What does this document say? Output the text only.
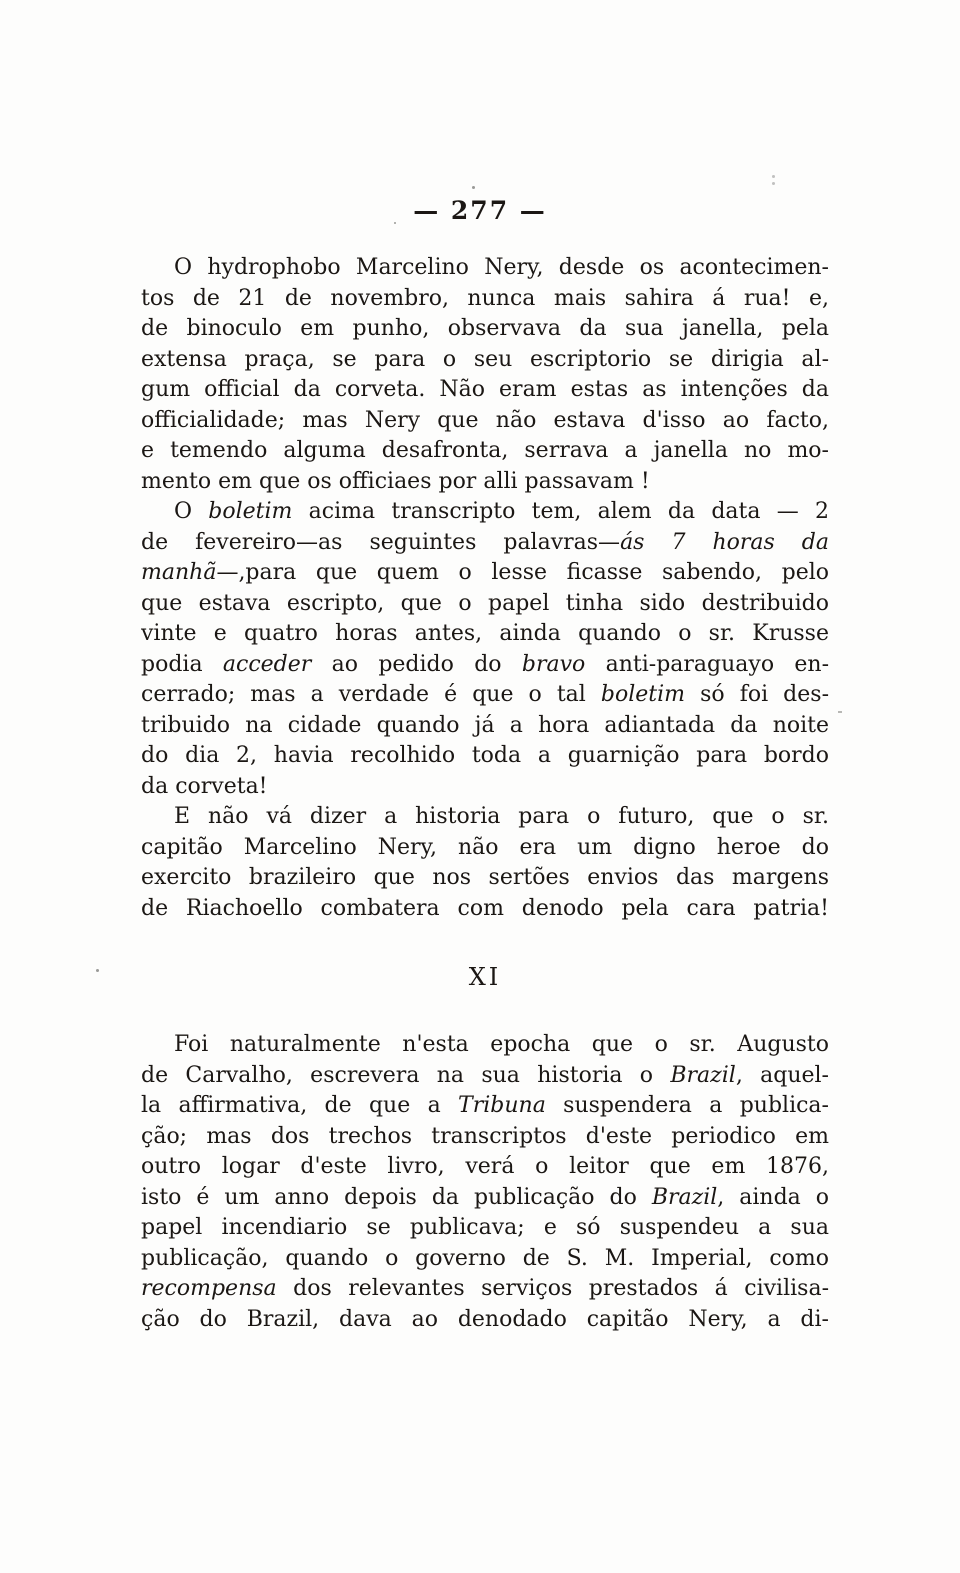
— 277 —
O hydrophobo Marcelino Nery, desde os acontecimen-
tos de 21 de novembro, nunca mais sahira á rua! e,
de binoculo em punho, observava da sua janella, pela
extensa praça, se para o seu escriptorio se dirigia al-
gum official da corveta. Não eram estas as intenções da
officialidade; mas Nery que não estava d'isso ao facto,
e temendo alguma desafronta, serrava a janella no mo-
mento em que os officiaes por alli passavam !
O boletim acima transcripto tem, alem da data — 2
de fevereiro—as seguintes palavras—ás 7 horas da
manhã—,para que quem o lesse ficasse sabendo, pelo
que estava escripto, que o papel tinha sido destribuido
vinte e quatro horas antes, ainda quando o sr. Krusse
podia acceder ao pedido do bravo anti-paraguayo en-
cerrado; mas a verdade é que o tal boletim só foi des-
tribuido na cidade quando já a hora adiantada da noite
do dia 2, havia recolhido toda a guarnição para bordo
da corveta!
E não vá dizer a historia para o futuro, que o sr.
capitão Marcelino Nery, não era um digno heroe do
exercito brazileiro que nos sertões envios das margens
de Riachoello combatera com denodo pela cara patria!
XI
Foi naturalmente n'esta epocha que o sr. Augusto
de Carvalho, escrevera na sua historia o Brazil, aquel-
la affirmativa, de que a Tribuna suspendera a publica-
ção; mas dos trechos transcriptos d'este periodico em
outro logar d'este livro, verá o leitor que em 1876,
isto é um anno depois da publicação do Brazil, ainda o
papel incendiario se publicava; e só suspendeu a sua
publicação, quando o governo de S. M. Imperial, como
recompensa dos relevantes serviços prestados á civilisa-
ção do Brazil, dava ao denodado capitão Nery, a di-
